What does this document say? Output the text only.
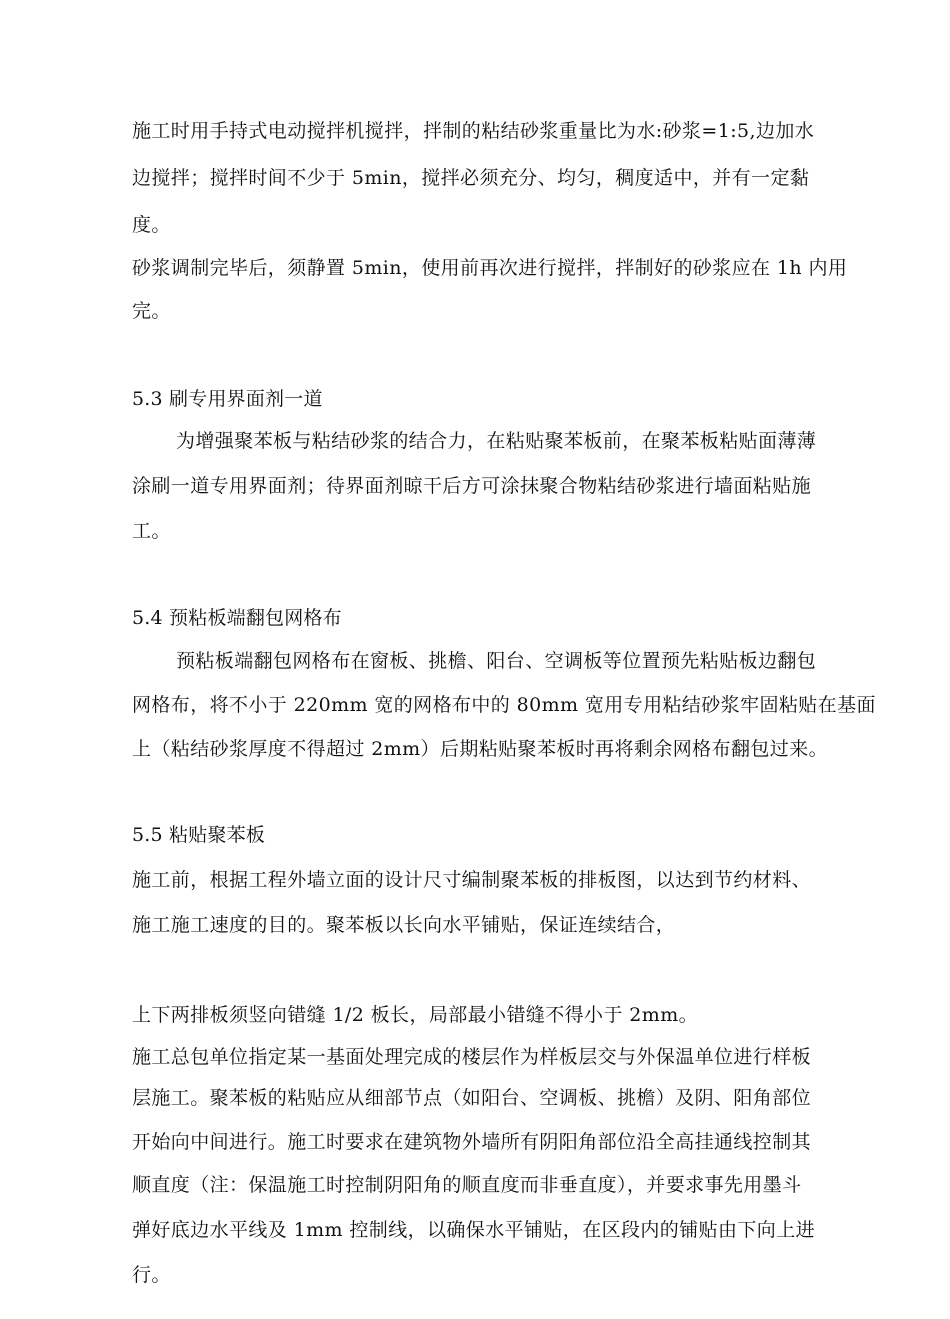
施工时用手持式电动搅拌机搅拌，拌制的粘结砂浆重量比为水:砂浆=1:5,边加水
边搅拌；搅拌时间不少于 5min，搅拌必须充分、均匀，稠度适中，并有一定黏
度。
砂浆调制完毕后，须静置 5min，使用前再次进行搅拌，拌制好的砂浆应在 1h 内用
完。
5.3 刷专用界面剂一道
为增强聚苯板与粘结砂浆的结合力，在粘贴聚苯板前，在聚苯板粘贴面薄薄
涂刷一道专用界面剂；待界面剂晾干后方可涂抹聚合物粘结砂浆进行墙面粘贴施
工。
5.4 预粘板端翻包网格布
预粘板端翻包网格布在窗板、挑檐、阳台、空调板等位置预先粘贴板边翻包
网格布，将不小于 220mm 宽的网格布中的 80mm 宽用专用粘结砂浆牢固粘贴在基面
上（粘结砂浆厚度不得超过 2mm）后期粘贴聚苯板时再将剩余网格布翻包过来。
5.5 粘贴聚苯板
施工前，根据工程外墙立面的设计尺寸编制聚苯板的排板图，以达到节约材料、
施工施工速度的目的。聚苯板以长向水平铺贴，保证连续结合，
上下两排板须竖向错缝 1/2 板长，局部最小错缝不得小于 2mm。
施工总包单位指定某一基面处理完成的楼层作为样板层交与外保温单位进行样板
层施工。聚苯板的粘贴应从细部节点（如阳台、空调板、挑檐）及阴、阳角部位
开始向中间进行。施工时要求在建筑物外墙所有阴阳角部位沿全高挂通线控制其
顺直度（注：保温施工时控制阴阳角的顺直度而非垂直度），并要求事先用墨斗
弹好底边水平线及 1mm 控制线，以确保水平铺贴，在区段内的铺贴由下向上进
行。
